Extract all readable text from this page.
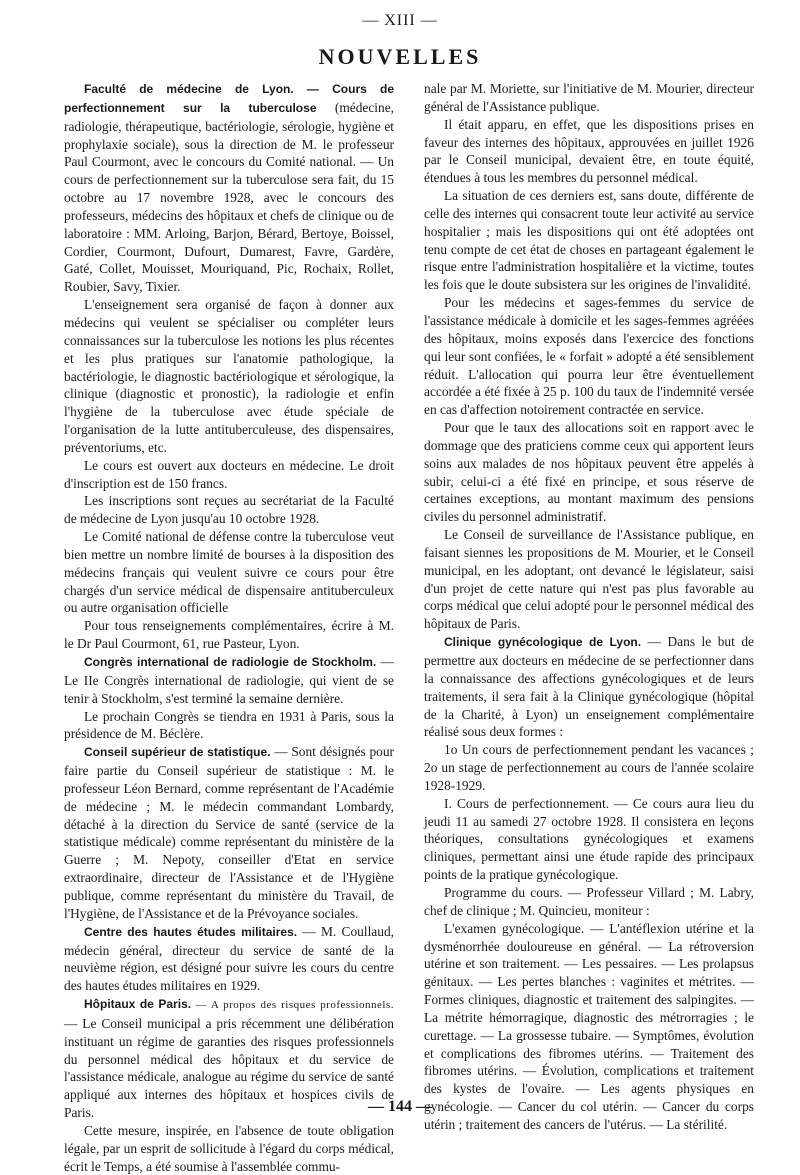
— XIII —
NOUVELLES

Faculté de médecine de Lyon. — Cours de perfectionnement sur la tuberculose (médecine, radiologie, thérapeutique, bactériologie, sérologie, hygiène et prophylaxie sociale), sous la direction de M. le professeur Paul Courmont, avec le concours du Comité national. — Un cours de perfectionnement sur la tuberculose sera fait, du 15 octobre au 17 novembre 1928, avec le concours des professeurs, médecins des hôpitaux et chefs de clinique ou de laboratoire : MM. Arloing, Barjon, Bérard, Bertoye, Boissel, Cordier, Courmont, Dufourt, Dumarest, Favre, Gardère, Gaté, Collet, Mouisset, Mouriquand, Pic, Rochaix, Rollet, Roubier, Savy, Tixier.

L'enseignement sera organisé de façon à donner aux médecins qui veulent se spécialiser ou compléter leurs connaissances sur la tuberculose les notions les plus récentes et les plus pratiques sur l'anatomie pathologique, la bactériologie, le diagnostic bactériologique et sérologique, la clinique (diagnostic et pronostic), la radiologie et enfin l'hygiène de la tuberculose avec étude spéciale de l'organisation de la lutte antituberculeuse, des dispensaires, préventoriums, etc.

Le cours est ouvert aux docteurs en médecine. Le droit d'inscription est de 150 francs.

Les inscriptions sont reçues au secrétariat de la Faculté de médecine de Lyon jusqu'au 10 octobre 1928.

Le Comité national de défense contre la tuberculose veut bien mettre un nombre limité de bourses à la disposition des médecins français qui veulent suivre ce cours pour être chargés d'un service médical de dispensaire antituberculeux ou autre organisation officielle

Pour tous renseignements complémentaires, écrire à M. le Dr Paul Courmont, 61, rue Pasteur, Lyon.

Congrès international de radiologie de Stockholm. — Le IIe Congrès international de radiologie, qui vient de se tenir à Stockholm, s'est terminé la semaine dernière.

Le prochain Congrès se tiendra en 1931 à Paris, sous la présidence de M. Béclère.

Conseil supérieur de statistique. — Sont désignés pour faire partie du Conseil supérieur de statistique : M. le professeur Léon Bernard, comme représentant de l'Académie de médecine ; M. le médecin commandant Lombardy, détaché à la direction du Service de santé (service de la statistique médicale) comme représentant du ministère de la Guerre ; M. Nepoty, conseiller d'Etat en service extraordinaire, directeur de l'Assistance et de l'Hygiène publique, comme représentant du ministère du Travail, de l'Hygiène, de l'Assistance et de la Prévoyance sociales.

Centre des hautes études militaires. — M. Coullaud, médecin général, directeur du service de santé de la neuvième région, est désigné pour suivre les cours du centre des hautes études militaires en 1929.

Hôpitaux de Paris. — A propos des risques professionnels. — Le Conseil municipal a pris récemment une délibération instituant un régime de garanties des risques professionnels du personnel médical des hôpitaux et du service de l'assistance médicale, analogue au régime du service de santé appliqué aux internes des hôpitaux et hospices civils de Paris.

Cette mesure, inspirée, en l'absence de toute obligation légale, par un esprit de sollicitude à l'égard du corps médical, écrit le Temps, a été soumise à l'assemblée commu-

nale par M. Moriette, sur l'initiative de M. Mourier, directeur général de l'Assistance publique.

Il était apparu, en effet, que les dispositions prises en faveur des internes des hôpitaux, approuvées en juillet 1926 par le Conseil municipal, devaient être, en toute équité, étendues à tous les membres du personnel médical.

La situation de ces derniers est, sans doute, différente de celle des internes qui consacrent toute leur activité au service hospitalier ; mais les dispositions qui ont été adoptées ont tenu compte de cet état de choses en partageant également le risque entre l'administration hospitalière et la victime, toutes les fois que le doute subsistera sur les origines de l'invalidité.

Pour les médecins et sages-femmes du service de l'assistance médicale à domicile et les sages-femmes agréées des hôpitaux, moins exposés dans l'exercice des fonctions qui leur sont confiées, le « forfait » adopté a été sensiblement réduit. L'allocation qui pourra leur être éventuellement accordée a été fixée à 25 p. 100 du taux de l'indemnité versée en cas d'affection notoirement contractée en service.

Pour que le taux des allocations soit en rapport avec le dommage que des praticiens comme ceux qui apportent leurs soins aux malades de nos hôpitaux peuvent être appelés à subir, celui-ci a été fixé en principe, et sous réserve de certaines exceptions, au montant maximum des pensions civiles du personnel administratif.

Le Conseil de surveillance de l'Assistance publique, en faisant siennes les propositions de M. Mourier, et le Conseil municipal, en les adoptant, ont devancé le législateur, saisi d'un projet de cette nature qui n'est pas plus favorable au corps médical que celui adopté pour le personnel médical des hôpitaux de Paris.

Clinique gynécologique de Lyon. — Dans le but de permettre aux docteurs en médecine de se perfectionner dans la connaissance des affections gynécologiques et de leurs traitements, il sera fait à la Clinique gynécologique (hôpital de la Charité, à Lyon) un enseignement complémentaire réalisé sous deux formes :

1o Un cours de perfectionnement pendant les vacances ; 2o un stage de perfectionnement au cours de l'année scolaire 1928-1929.

I. Cours de perfectionnement. — Ce cours aura lieu du jeudi 11 au samedi 27 octobre 1928. Il consistera en leçons théoriques, consultations gynécologiques et examens cliniques, permettant ainsi une étude rapide des principaux points de la pratique gynécologique.

Programme du cours. — Professeur Villard ; M. Labry, chef de clinique ; M. Quincieu, moniteur :

L'examen gynécologique. — L'antéflexion utérine et la dysménorrhée douloureuse en général. — La rétroversion utérine et son traitement. — Les pessaires. — Les prolapsus génitaux. — Les pertes blanches : vaginites et métrites. — Formes cliniques, diagnostic et traitement des salpingites. — La métrite hémorragique, diagnostic des métrorragies ; le curettage. — La grossesse tubaire. — Symptômes, évolution et complications des fibromes utérins. — Traitement des fibromes utérins. — Évolution, complications et traitement des kystes de l'ovaire. — Les agents physiques en gynécologie. — Cancer du col utérin. — Cancer du corps utérin ; traitement des cancers de l'utérus. — La stérilité.

— 144 —
